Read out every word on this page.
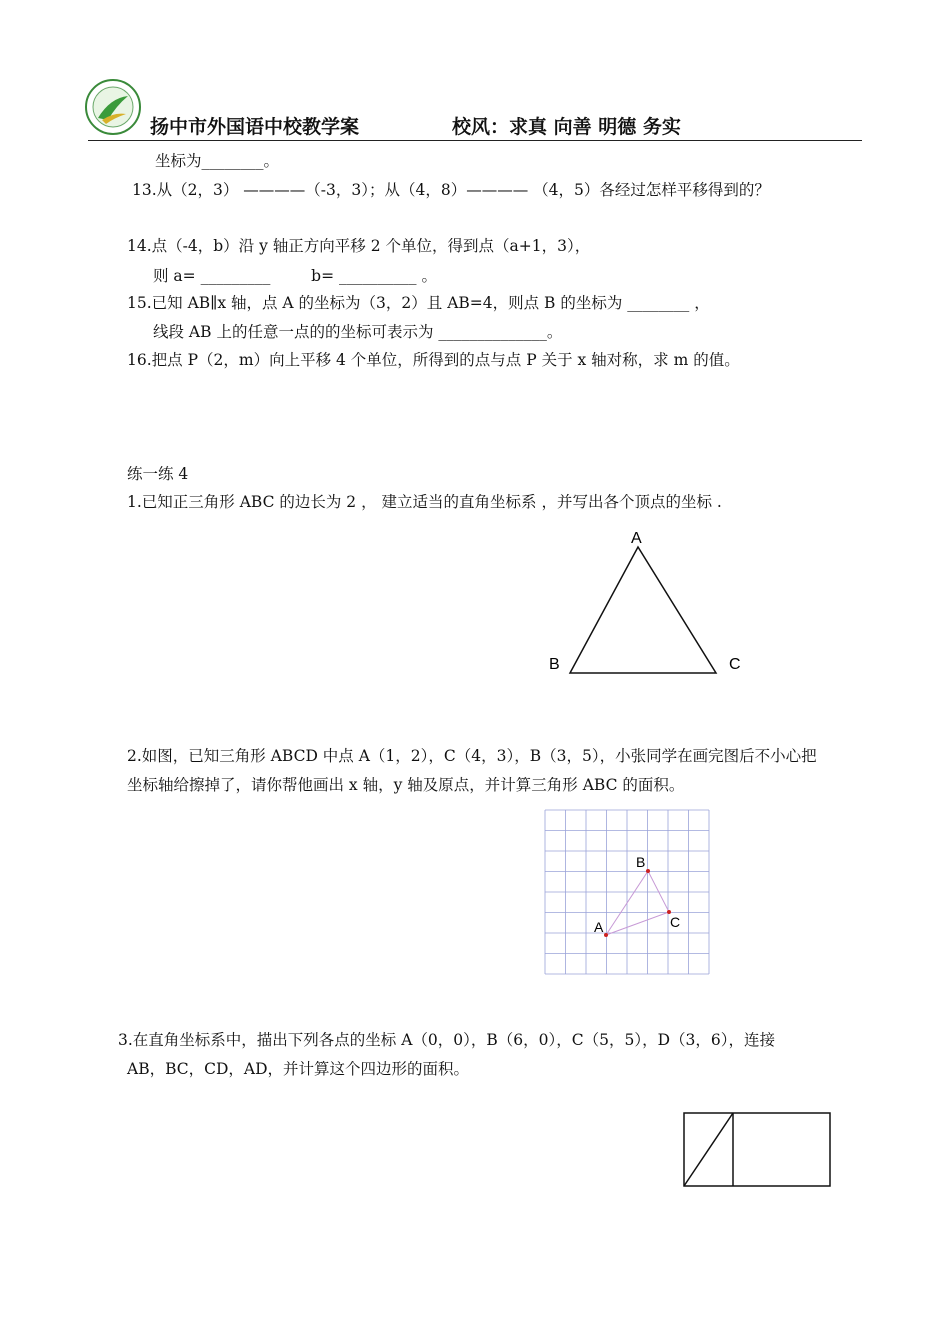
扬中市外国语中校教学案	校风：求真 向善 明德 务实
坐标为________。
13.从（2，3） ————（-3，3）；从（4，8）———— （4，5）各经过怎样平移得到的？
14.点（-4，b）沿 y 轴正方向平移 2 个单位，得到点（a+1，3），
则 a= _________ 　　 b= __________ 。
15.已知 AB∥x 轴，点 A 的坐标为（3，2）且 AB=4，则点 B 的坐标为 ________ ，
线段 AB 上的任意一点的的坐标可表示为 ______________。
16.把点 P（2，m）向上平移 4 个单位，所得到的点与点 P 关于 x 轴对称，求 m 的值。
练一练 4
1.已知正三角形 ABC 的边长为 2 ， 建立适当的直角坐标系 ，并写出各个顶点的坐标 .
A
B	C
2.如图，已知三角形 ABCD 中点 A（1，2），C（4，3），B（3，5），小张同学在画完图后不小心把
坐标轴给擦掉了，请你帮他画出 x 轴，y 轴及原点，并计算三角形 ABC 的面积。
A
B
C
3.在直角坐标系中，描出下列各点的坐标 A（0，0），B（6，0），C（5，5），D（3，6），连接
AB，BC，CD，AD，并计算这个四边形的面积。
